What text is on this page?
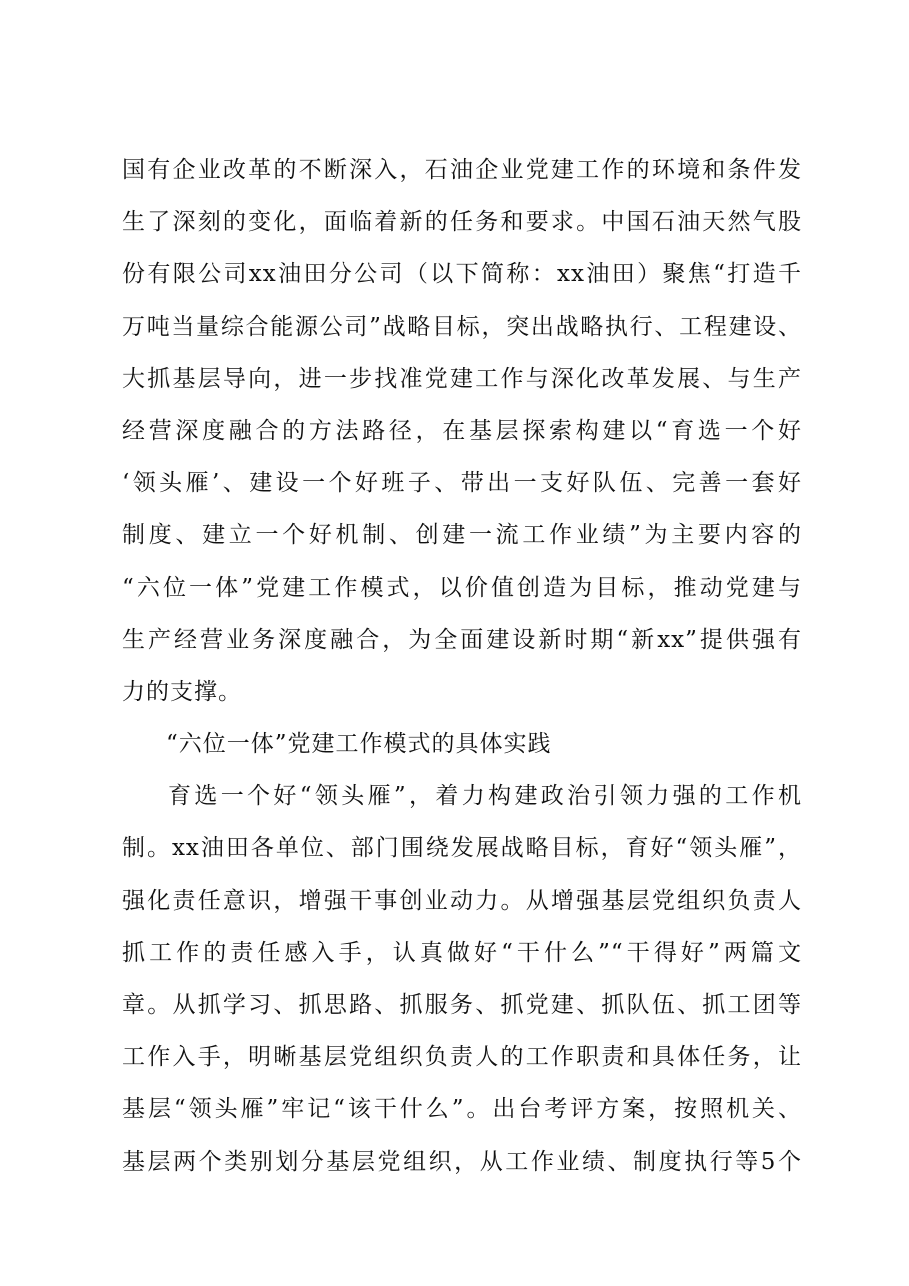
国有企业改革的不断深入，石油企业党建工作的环境和条件发
生了深刻的变化，面临着新的任务和要求。中国石油天然气股
份有限公司xx油田分公司（以下简称：xx油田）聚焦“打造千
万吨当量综合能源公司”战略目标，突出战略执行、工程建设、
大抓基层导向，进一步找准党建工作与深化改革发展、与生产
经营深度融合的方法路径，在基层探索构建以“育选一个好
‘领头雁’、建设一个好班子、带出一支好队伍、完善一套好
制度、建立一个好机制、创建一流工作业绩”为主要内容的
“六位一体”党建工作模式，以价值创造为目标，推动党建与
生产经营业务深度融合，为全面建设新时期“新xx”提供强有
力的支撑。
“六位一体”党建工作模式的具体实践
育选一个好“领头雁”，着力构建政治引领力强的工作机
制。xx油田各单位、部门围绕发展战略目标，育好“领头雁”，
强化责任意识，增强干事创业动力。从增强基层党组织负责人
抓工作的责任感入手，认真做好“干什么”“干得好”两篇文
章。从抓学习、抓思路、抓服务、抓党建、抓队伍、抓工团等
工作入手，明晰基层党组织负责人的工作职责和具体任务，让
基层“领头雁”牢记“该干什么”。出台考评方案，按照机关、
基层两个类别划分基层党组织，从工作业绩、制度执行等5个
